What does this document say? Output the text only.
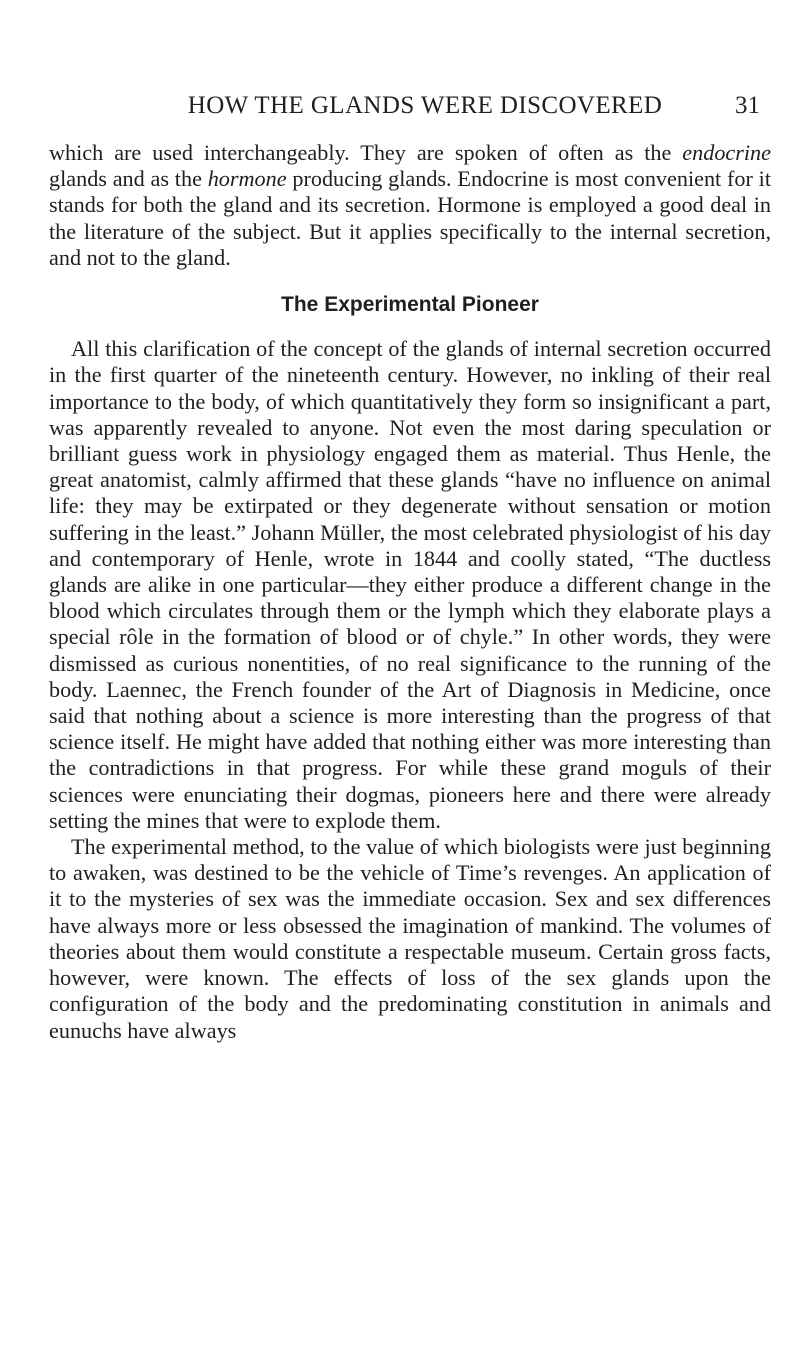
HOW THE GLANDS WERE DISCOVERED	31

which are used interchangeably. They are spoken of often as the endocrine glands and as the hormone producing glands. Endocrine is most convenient for it stands for both the gland and its secretion. Hormone is employed a good deal in the literature of the subject. But it applies specifically to the internal secretion, and not to the gland.

The Experimental Pioneer

All this clarification of the concept of the glands of internal secretion occurred in the first quarter of the nineteenth century. However, no inkling of their real importance to the body, of which quantitatively they form so insignificant a part, was apparently revealed to anyone. Not even the most daring speculation or brilliant guess work in physiology engaged them as material. Thus Henle, the great anatomist, calmly affirmed that these glands “have no influence on animal life: they may be extirpated or they degenerate without sensation or motion suffering in the least.” Johann Müller, the most celebrated physiologist of his day and contemporary of Henle, wrote in 1844 and coolly stated, “The ductless glands are alike in one particular—they either produce a different change in the blood which circulates through them or the lymph which they elaborate plays a special rôle in the formation of blood or of chyle.” In other words, they were dismissed as curious nonentities, of no real significance to the running of the body. Laennec, the French founder of the Art of Diagnosis in Medicine, once said that nothing about a science is more interesting than the progress of that science itself. He might have added that nothing either was more interesting than the contradictions in that progress. For while these grand moguls of their sciences were enunciating their dogmas, pioneers here and there were already setting the mines that were to explode them.

The experimental method, to the value of which biologists were just beginning to awaken, was destined to be the vehicle of Time’s revenges. An application of it to the mysteries of sex was the immediate occasion. Sex and sex differences have always more or less obsessed the imagination of mankind. The volumes of theories about them would constitute a respectable museum. Certain gross facts, however, were known. The effects of loss of the sex glands upon the configuration of the body and the predominating constitution in animals and eunuchs have always
